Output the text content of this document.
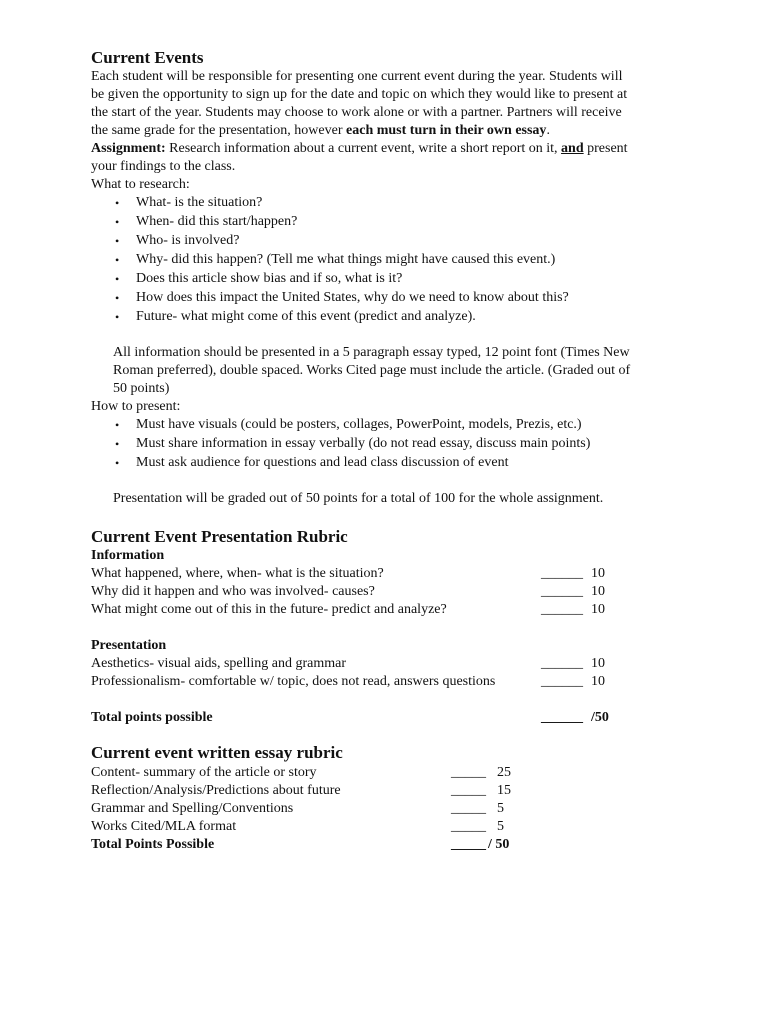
Current Events
Each student will be responsible for presenting one current event during the year. Students will
be given the opportunity to sign up for the date and topic on which they would like to present at
the start of the year. Students may choose to work alone or with a partner. Partners will receive
the same grade for the presentation, however each must turn in their own essay.
Assignment: Research information about a current event, write a short report on it, and present
your findings to the class.
What to research:
• What- is the situation?
• When- did this start/happen?
• Who- is involved?
• Why- did this happen? (Tell me what things might have caused this event.)
• Does this article show bias and if so, what is it?
• How does this impact the United States, why do we need to know about this?
• Future- what might come of this event (predict and analyze).
All information should be presented in a 5 paragraph essay typed, 12 point font (Times New
Roman preferred), double spaced. Works Cited page must include the article. (Graded out of
50 points)
How to present:
• Must have visuals (could be posters, collages, PowerPoint, models, Prezis, etc.)
• Must share information in essay verbally (do not read essay, discuss main points)
• Must ask audience for questions and lead class discussion of event
Presentation will be graded out of 50 points for a total of 100 for the whole assignment.
Current Event Presentation Rubric
Information
What happened, where, when- what is the situation?	______ 10
Why did it happen and who was involved- causes?	______ 10
What might come out of this in the future- predict and analyze?	______ 10
Presentation
Aesthetics- visual aids, spelling and grammar	______ 10
Professionalism- comfortable w/ topic, does not read, answers questions	______ 10
Total points possible	______ /50
Current event written essay rubric
Content- summary of the article or story	_____ 25
Reflection/Analysis/Predictions about future	_____ 15
Grammar and Spelling/Conventions	_____ 5
Works Cited/MLA format	_____ 5
Total Points Possible	_____ / 50
